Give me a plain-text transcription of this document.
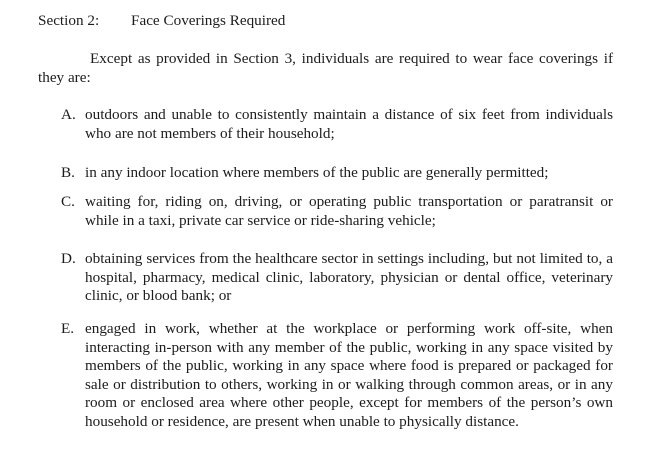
Section 2: Face Coverings Required

Except as provided in Section 3, individuals are required to wear face coverings if they are:

A. outdoors and unable to consistently maintain a distance of six feet from individuals who are not members of their household;
B. in any indoor location where members of the public are generally permitted;
C. waiting for, riding on, driving, or operating public transportation or paratransit or while in a taxi, private car service or ride-sharing vehicle;
D. obtaining services from the healthcare sector in settings including, but not limited to, a hospital, pharmacy, medical clinic, laboratory, physician or dental office, veterinary clinic, or blood bank; or
E. engaged in work, whether at the workplace or performing work off-site, when interacting in-person with any member of the public, working in any space visited by members of the public, working in any space where food is prepared or packaged for sale or distribution to others, working in or walking through common areas, or in any room or enclosed area where other people, except for members of the person’s own household or residence, are present when unable to physically distance.
